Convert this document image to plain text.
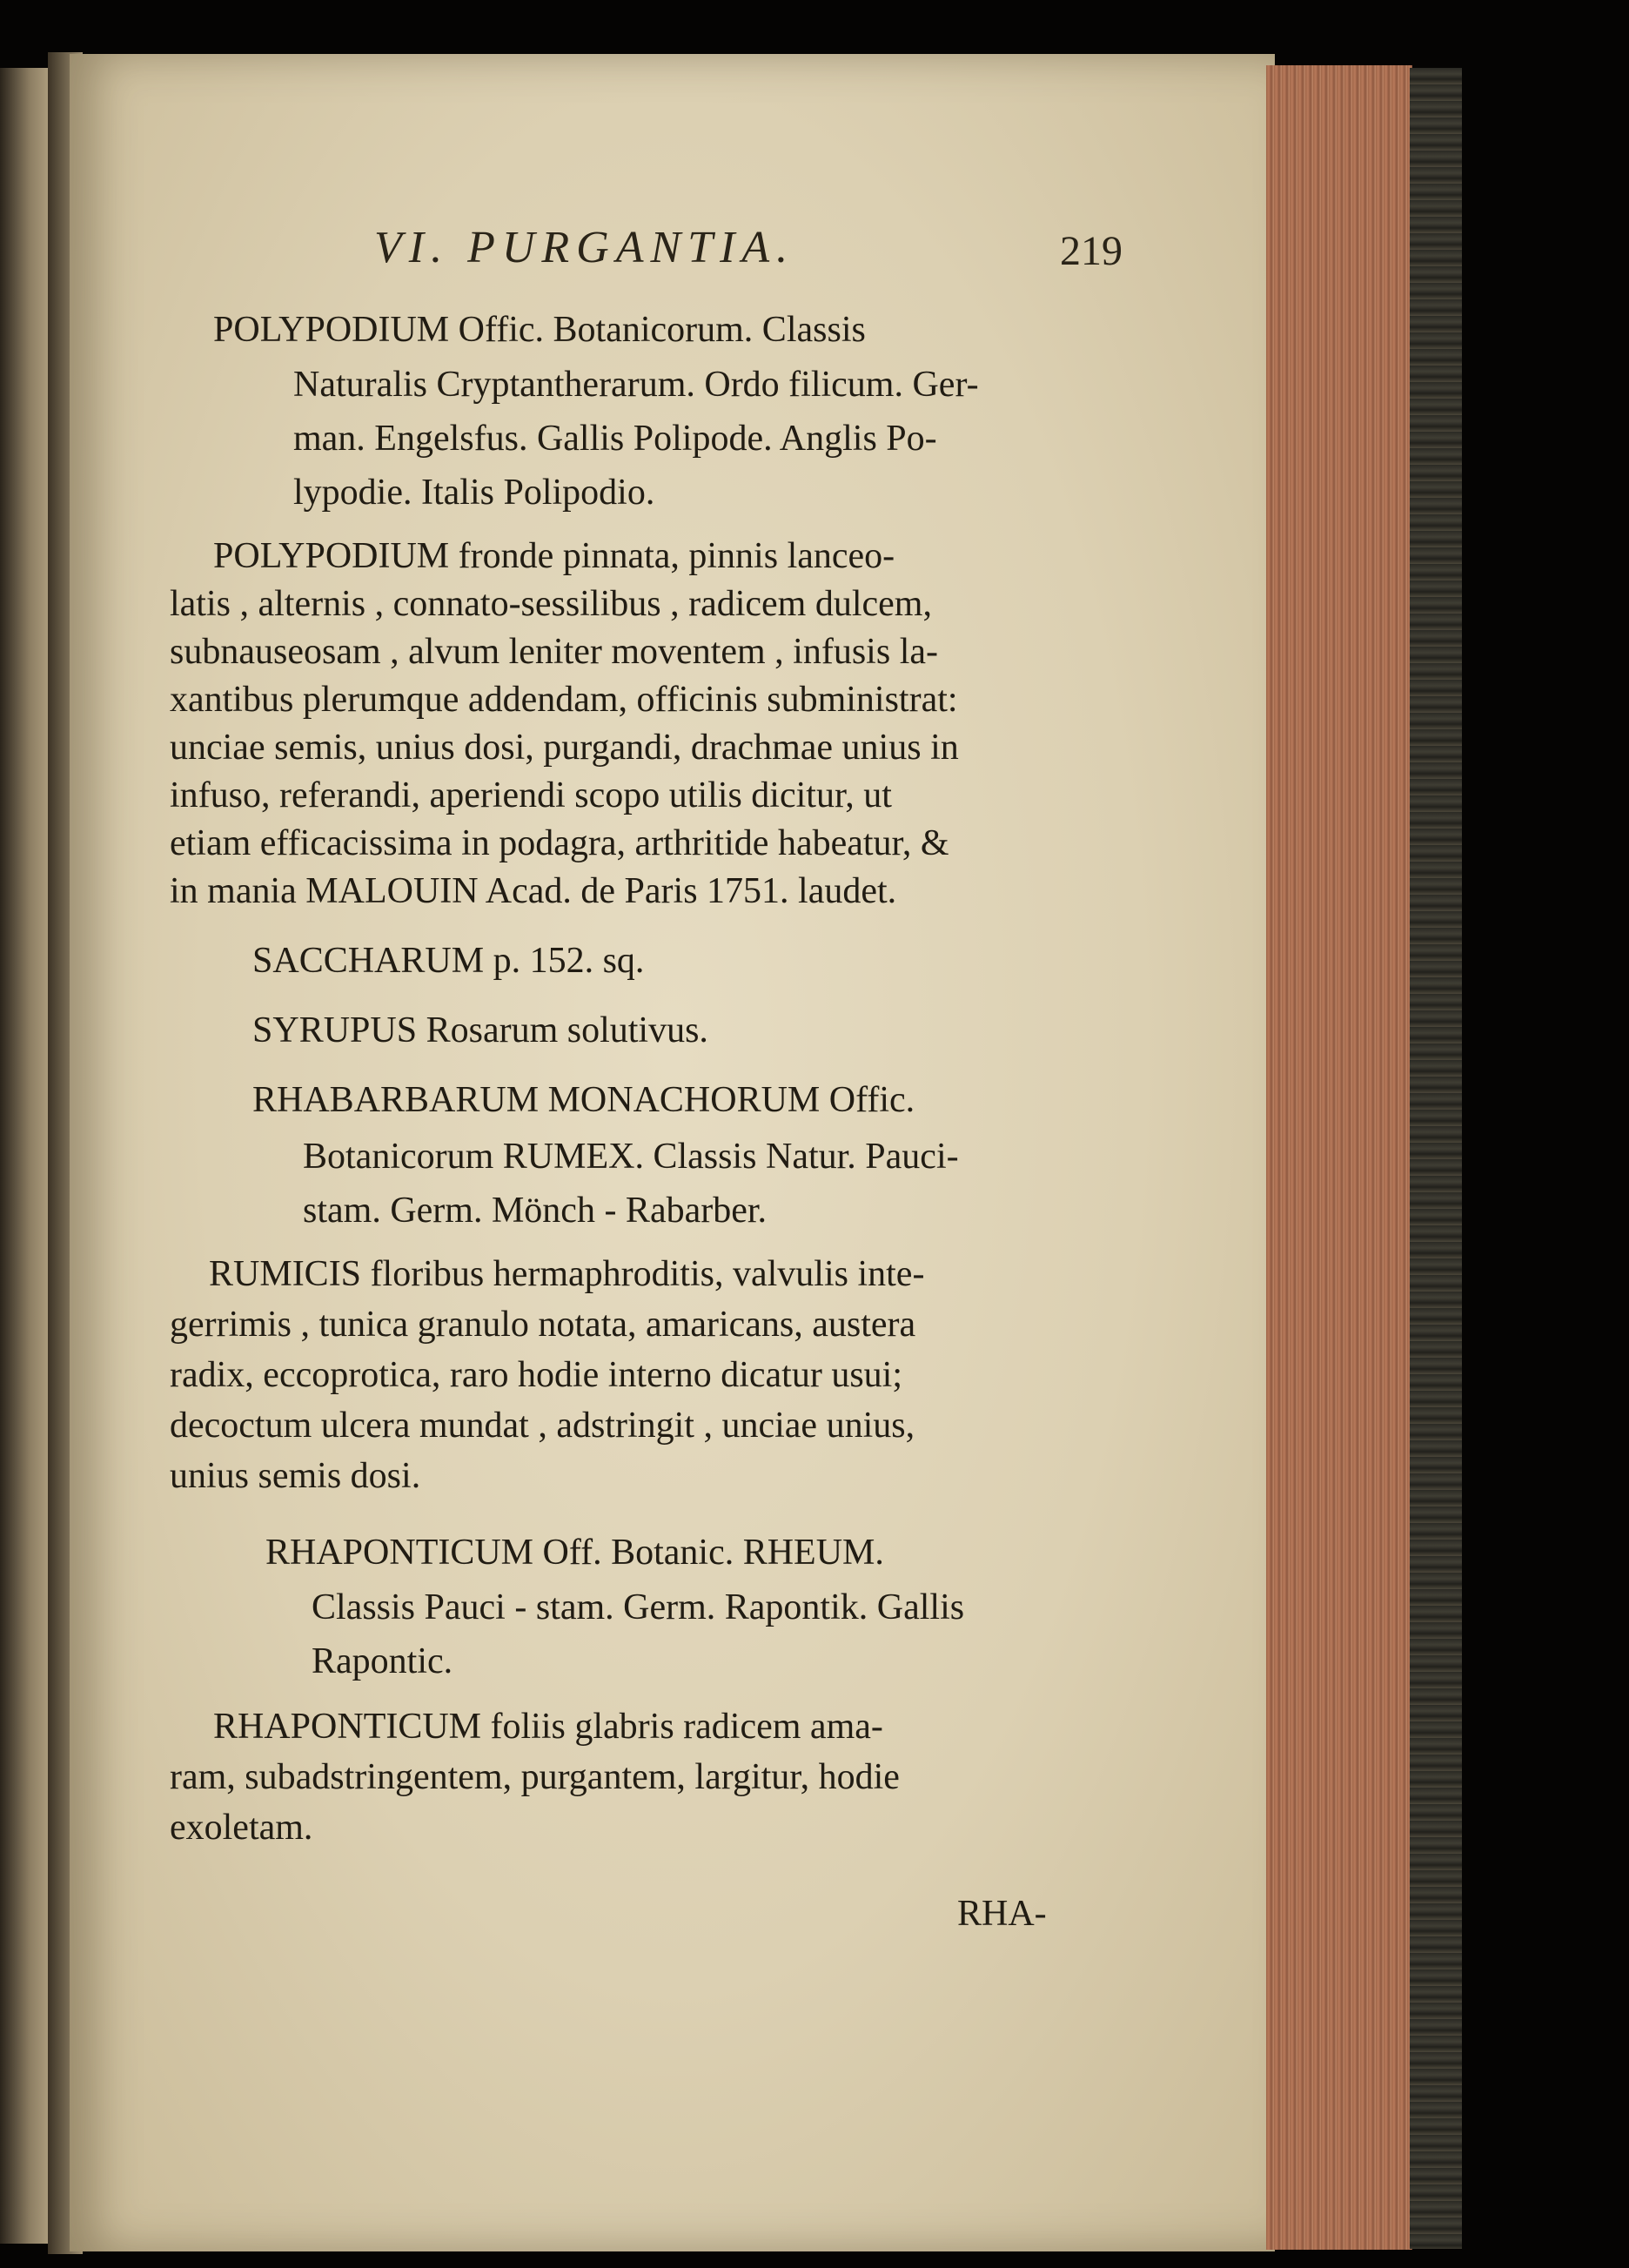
VI. PURGANTIA.	219
POLYPODIUM Offic. Botanicorum. Classis
Naturalis Cryptantherarum. Ordo filicum. Ger-
man. Engelsfus. Gallis Polipode. Anglis Po-
lypodie. Italis Polipodio.
POLYPODIUM fronde pinnata, pinnis lanceo-
latis , alternis , connato-sessilibus , radicem dulcem,
subnauseosam , alvum leniter moventem , infusis la-
xantibus plerumque addendam, officinis subministrat:
unciae semis, unius dosi, purgandi, drachmae unius in
infuso, referandi, aperiendi scopo utilis dicitur, ut
etiam efficacissima in podagra, arthritide habeatur, &
in mania MALOUIN Acad. de Paris 1751. laudet.
SACCHARUM p. 152. sq.
SYRUPUS Rosarum solutivus.
RHABARBARUM MONACHORUM Offic.
Botanicorum RUMEX. Classis Natur. Pauci-
stam. Germ. Mönch - Rabarber.
RUMICIS floribus hermaphroditis, valvulis inte-
gerrimis , tunica granulo notata, amaricans, austera
radix, eccoprotica, raro hodie interno dicatur usui;
decoctum ulcera mundat , adstringit , unciae unius,
unius semis dosi.
RHAPONTICUM Off. Botanic. RHEUM.
Classis Pauci - stam. Germ. Rapontik. Gallis
Rapontic.
RHAPONTICUM foliis glabris radicem ama-
ram, subadstringentem, purgantem, largitur, hodie
exoletam.
RHA-
